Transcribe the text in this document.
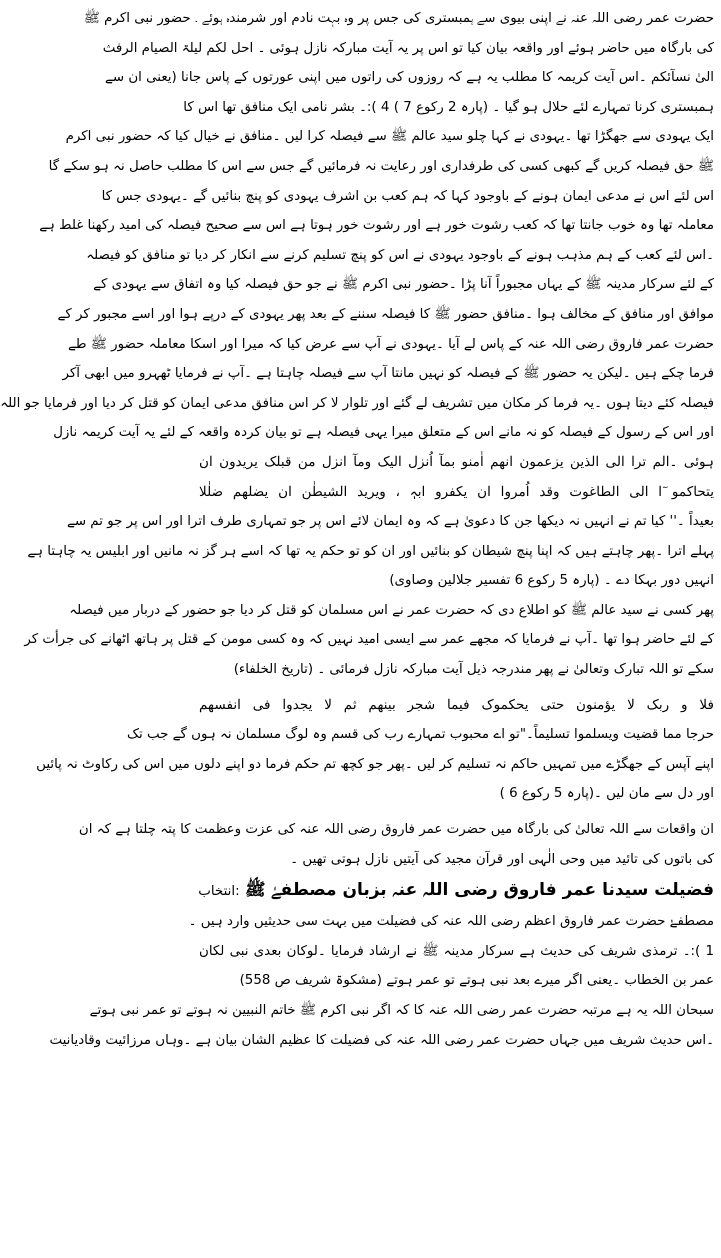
حضرت عمر رضی اللہ عنہ نے اپنی بیوی سے ہمبستری کی جس پر وہ بہت نادم اور شرمندہ ہوئے ۔ حضور نبی اکرم ﷺ
کی بارگاہ میں حاضر ہوئے اور واقعہ بیان کیا تو اس پر یہ آیت مبارکہ نازل ہوئی ۔ احل لکم لیلۃ الصیام الرفث
الیٰ نسآئکم ۔اس آیت کریمہ کا مطلب یہ ہے کہ روزوں کی راتوں میں اپنی عورتوں کے پاس جانا (یعنی ان سے
ہمبستری کرنا تمہارے لئے حلال ہو گیا ۔ (پارہ 2 رکوع 7 ) 4 ):۔ بشر نامی ایک منافق تھا اس کا
ایک یہودی سے جھگڑا تھا ۔یہودی نے کہا چلو سید عالم ﷺ سے فیصلہ کرا لیں ۔منافق نے خیال کیا کہ حضور نبی اکرم
ﷺ حق فیصلہ کریں گے کبھی کسی کی طرفداری اور رعایت نہ فرمائیں گے جس سے اس کا مطلب حاصل نہ ہو سکے گا
اس لئے اس نے مدعی ایمان ہونے کے باوجود کہا کہ ہم کعب بن اشرف یہودی کو پنچ بنائیں گے ۔یہودی جس کا
معاملہ تھا وہ خوب جانتا تھا کہ کعب رشوت خور ہے اور رشوت خور ہوتا ہے اس سے صحیح فیصلہ کی امید رکھنا غلط ہے
۔اس لئے کعب کے ہم مذہب ہونے کے باوجود یہودی نے اس کو پنچ تسلیم کرنے سے انکار کر دیا تو منافق کو فیصلہ
کے لئے سرکار مدینہ ﷺ کے یہاں مجبوراً آنا پڑا ۔حضور نبی اکرم ﷺ نے جو حق فیصلہ کیا وہ اتفاق سے یہودی کے
موافق اور منافق کے مخالف ہوا ۔منافق حضور ﷺ کا فیصلہ سننے کے بعد پھر یہودی کے درپے ہوا اور اسے مجبور کر کے
حضرت عمر فاروق رضی اللہ عنہ کے پاس لے آیا ۔یہودی نے آپ سے عرض کیا کہ میرا اور اسکا معاملہ حضور ﷺ طے
فرما چکے ہیں ۔لیکن یہ حضور ﷺ کے فیصلہ کو نہیں مانتا آپ سے فیصلہ چاہتا ہے ۔آپ نے فرمایا ٹھہرو میں ابھی آکر
فیصلہ کئے دیتا ہوں ۔یہ فرما کر مکان میں تشریف لے گئے اور تلوار لا کر اس منافق مدعی ایمان کو قتل کر دیا اور فرمایا جو اللہ
اور اس کے رسول کے فیصلہ کو نہ مانے اس کے متعلق میرا یہی فیصلہ ہے تو بیان کردہ واقعہ کے لئے یہ آیت کریمہ نازل
ہوئی ۔الم ترا الی الذین یزعمون انھم اٰمنو بمآ اُنزل الیک ومآ انزل من قبلک یریدون ان
یتحاکمو ٓا الی الطاغوت وقد اُمروا ان یکفرو ابہٖ ، ویرید الشیطٰن ان یضلھم ضلٰلا
بعیداً ۔'' کیا تم نے انہیں نہ دیکھا جن کا دعویٰ ہے کہ وہ ایمان لائے اس پر جو تمہاری طرف اترا اور اس پر جو تم سے
پہلے اترا ۔پھر چاہتے ہیں کہ اپنا پنچ شیطان کو بنائیں اور ان کو تو حکم یہ تھا کہ اسے ہر گز نہ مانیں اور ابلیس یہ چاہتا ہے
انہیں دور بہکا دے ۔ (پارہ 5 رکوع 6 تفسیر جلالین وصاوی)
پھر کسی نے سید عالم ﷺ کو اطلاع دی کہ حضرت عمر نے اس مسلمان کو قتل کر دیا جو حضور کے دربار میں فیصلہ
کے لئے حاضر ہوا تھا ۔آپ نے فرمایا کہ مجھے عمر سے ایسی امید نہیں کہ وہ کسی مومن کے قتل پر ہاتھ اٹھانے کی جرأت کر
سکے تو اللہ تبارک وتعالیٰ نے پھر مندرجہ ذیل آیت مبارکہ نازل فرمائی ۔ (تاریخ الخلفاء)
فلا و ربک لا یؤمنون حتی یحکموک فیما شجر بینھم ثم لا یجدوا فی انفسھم
حرجا مما قضیت ویسلموا تسلیماً۔"تو اے محبوب تمہارے رب کی قسم وہ لوگ مسلمان نہ ہوں گے جب تک
اپنے آپس کے جھگڑے میں تمہیں حاکم نہ تسلیم کر لیں ۔پھر جو کچھ تم حکم فرما دو اپنے دلوں میں اس کی رکاوٹ نہ پائیں
اور دل سے مان لیں ۔(پارہ 5 رکوع 6 )
ان واقعات سے اللہ تعالیٰ کی بارگاہ میں حضرت عمر فاروق رضی اللہ عنہ کی عزت وعظمت کا پتہ چلتا ہے کہ ان
کی باتوں کی تائید میں وحی الٰہی اور قرآن مجید کی آیتیں نازل ہوتی تھیں ۔
فضیلت سیدنا عمر فاروق رضی اللہ عنہ بزبان مصطفےٰ ﷺ :انتخاب
مصطفےٰ حضرت عمر فاروق اعظم رضی اللہ عنہ کی فضیلت میں بہت سی حدیثیں وارد ہیں ۔
1 ):۔ ترمذی شریف کی حدیث ہے سرکار مدینہ ﷺ نے ارشاد فرمایا ۔لوکان بعدی نبی لکان
عمر بن الخطاب ۔یعنی اگر میرے بعد نبی ہوتے تو عمر ہوتے (مشکوۃ شریف ص 558)
سبحان اللہ یہ ہے مرتبہ حضرت عمر رضی اللہ عنہ کا کہ اگر نبی اکرم ﷺ خاتم النبیین نہ ہوتے تو عمر نبی ہوتے
۔اس حدیث شریف میں جہاں حضرت عمر رضی اللہ عنہ کی فضیلت کا عظیم الشان بیان ہے ۔وہاں مرزائیت وقادیانیت
